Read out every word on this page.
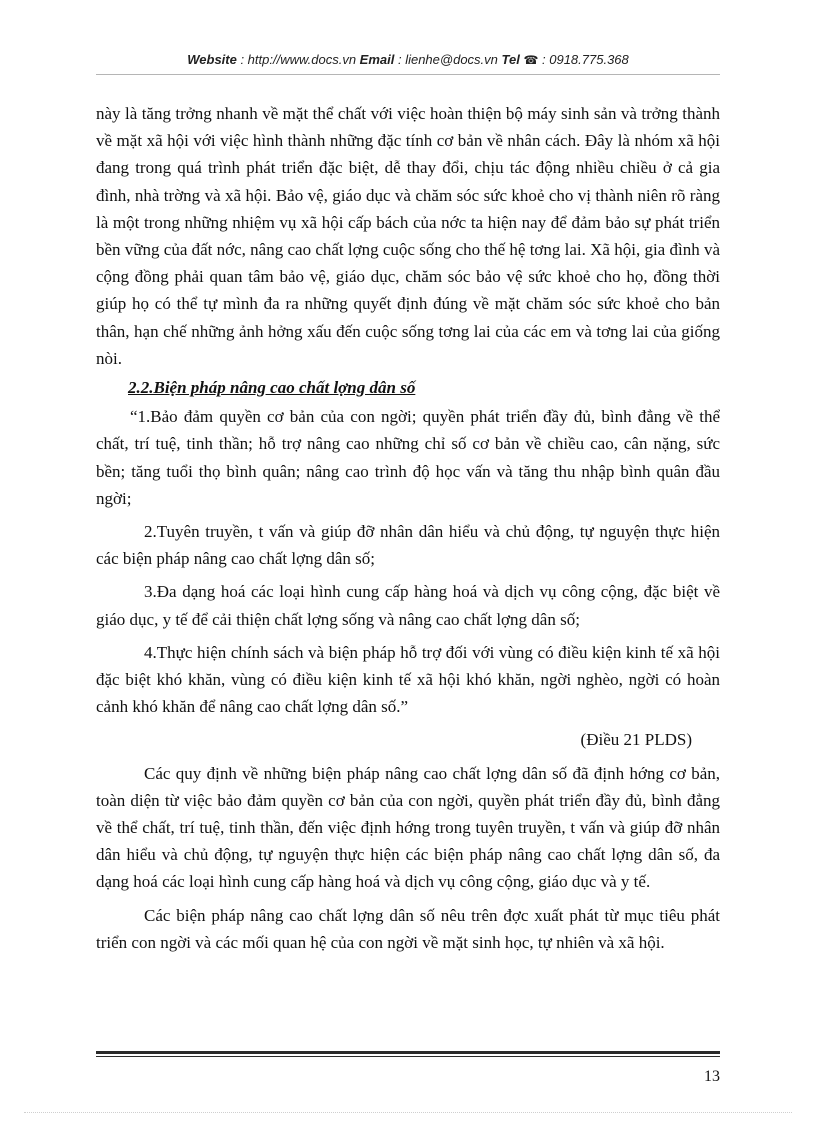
Website : http://www.docs.vn Email : lienhe@docs.vn Tel ☎ : 0918.775.368

này là tăng trởng nhanh về mặt thể chất với việc hoàn thiện bộ máy sinh sản và trởng thành về mặt xã hội với việc hình thành những đặc tính cơ bản về nhân cách. Đây là nhóm xã hội đang trong quá trình phát triển đặc biệt, dễ thay đổi, chịu tác động nhiều chiều ở cả gia đình, nhà trờng và xã hội. Bảo vệ, giáo dục và chăm sóc sức khoẻ cho vị thành niên rõ ràng là một trong những nhiệm vụ xã hội cấp bách của nớc ta hiện nay để đảm bảo sự phát triển bền vững của đất nớc, nâng cao chất lợng cuộc sống cho thế hệ tơng lai. Xã hội, gia đình và cộng đồng phải quan tâm bảo vệ, giáo dục, chăm sóc bảo vệ sức khoẻ cho họ, đồng thời giúp họ có thể tự mình đa ra những quyết định đúng về mặt chăm sóc sức khoẻ cho bản thân, hạn chế những ảnh hởng xấu đến cuộc sống tơng lai của các em và tơng lai của giống nòi.

2.2.Biện pháp nâng cao chất lợng dân số

“1.Bảo đảm quyền cơ bản của con ngời; quyền phát triển đầy đủ, bình đẳng về thể chất, trí tuệ, tinh thần; hỗ trợ nâng cao những chỉ số cơ bản về chiều cao, cân nặng, sức bền; tăng tuổi thọ bình quân; nâng cao trình độ học vấn và tăng thu nhập bình quân đầu ngời;

2.Tuyên truyền, t vấn và giúp đỡ nhân dân hiểu và chủ động, tự nguyện thực hiện các biện pháp nâng cao chất lợng dân số;

3.Đa dạng hoá các loại hình cung cấp hàng hoá và dịch vụ công cộng, đặc biệt về giáo dục, y tế để cải thiện chất lợng sống và nâng cao chất lợng dân số;

4.Thực hiện chính sách và biện pháp hỗ trợ đối với vùng có điều kiện kinh tế xã hội đặc biệt khó khăn, vùng có điều kiện kinh tế xã hội khó khăn, ngời nghèo, ngời có hoàn cảnh khó khăn để nâng cao chất lợng dân số.”

(Điều 21 PLDS)

Các quy định về những biện pháp nâng cao chất lợng dân số đã định hớng cơ bản, toàn diện từ việc bảo đảm quyền cơ bản của con ngời, quyền phát triển đầy đủ, bình đẳng về thể chất, trí tuệ, tinh thần, đến việc định hớng trong tuyên truyền, t vấn và giúp đỡ nhân dân hiểu và chủ động, tự nguyện thực hiện các biện pháp nâng cao chất lợng dân số, đa dạng hoá các loại hình cung cấp hàng hoá và dịch vụ công cộng, giáo dục và y tế.

Các biện pháp nâng cao chất lợng dân số nêu trên đợc xuất phát từ mục tiêu phát triển con ngời và các mối quan hệ của con ngời về mặt sinh học, tự nhiên và xã hội.

13
